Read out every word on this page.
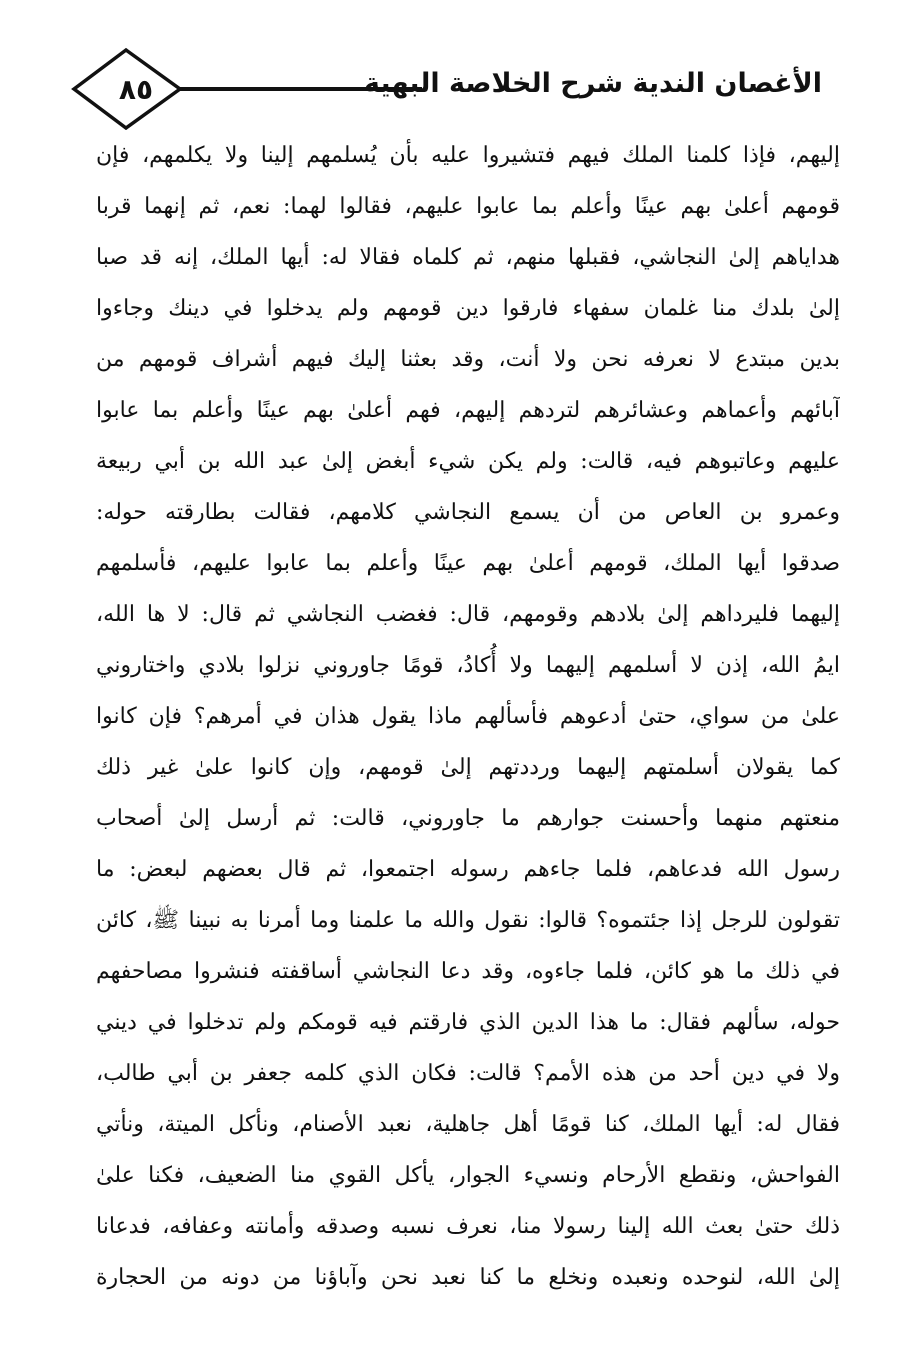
الأغصان الندية شرح الخلاصة البهية
٨٥
إليهم، فإذا كلمنا الملك فيهم فتشيروا عليه بأن يُسلمهم إلينا ولا يكلمهم، فإن
قومهم أعلىٰ بهم عينًا وأعلم بما عابوا عليهم، فقالوا لهما: نعم، ثم إنهما قربا
هداياهم إلىٰ النجاشي، فقبلها منهم، ثم كلماه فقالا له: أيها الملك، إنه قد صبا
إلىٰ بلدك منا غلمان سفهاء فارقوا دين قومهم ولم يدخلوا في دينك وجاءوا
بدين مبتدع لا نعرفه نحن ولا أنت، وقد بعثنا إليك فيهم أشراف قومهم من
آبائهم وأعماهم وعشائرهم لتردهم إليهم، فهم أعلىٰ بهم عينًا وأعلم بما عابوا
عليهم وعاتبوهم فيه، قالت: ولم يكن شيء أبغض إلىٰ عبد الله بن أبي ربيعة
وعمرو بن العاص من أن يسمع النجاشي كلامهم، فقالت بطارقته حوله:
صدقوا أيها الملك، قومهم أعلىٰ بهم عينًا وأعلم بما عابوا عليهم، فأسلمهم
إليهما فليرداهم إلىٰ بلادهم وقومهم، قال: فغضب النجاشي ثم قال: لا ها الله،
ايمُ الله، إذن لا أسلمهم إليهما ولا أُكادُ، قومًا جاوروني نزلوا بلادي واختاروني
علىٰ من سواي، حتىٰ أدعوهم فأسألهم ماذا يقول هذان في أمرهم؟ فإن كانوا
كما يقولان أسلمتهم إليهما ورددتهم إلىٰ قومهم، وإن كانوا علىٰ غير ذلك
منعتهم منهما وأحسنت جوارهم ما جاوروني، قالت: ثم أرسل إلىٰ أصحاب
رسول الله فدعاهم، فلما جاءهم رسوله اجتمعوا، ثم قال بعضهم لبعض: ما
تقولون للرجل إذا جئتموه؟ قالوا: نقول والله ما علمنا وما أمرنا به نبينا ﷺ، كائن
في ذلك ما هو كائن، فلما جاءوه، وقد دعا النجاشي أساقفته فنشروا مصاحفهم
حوله، سألهم فقال: ما هذا الدين الذي فارقتم فيه قومكم ولم تدخلوا في ديني
ولا في دين أحد من هذه الأمم؟ قالت: فكان الذي كلمه جعفر بن أبي طالب،
فقال له: أيها الملك، كنا قومًا أهل جاهلية، نعبد الأصنام، ونأكل الميتة، ونأتي
الفواحش، ونقطع الأرحام ونسيء الجوار، يأكل القوي منا الضعيف، فكنا علىٰ
ذلك حتىٰ بعث الله إلينا رسولا منا، نعرف نسبه وصدقه وأمانته وعفافه، فدعانا
إلىٰ الله، لنوحده ونعبده ونخلع ما كنا نعبد نحن وآباؤنا من دونه من الحجارة
